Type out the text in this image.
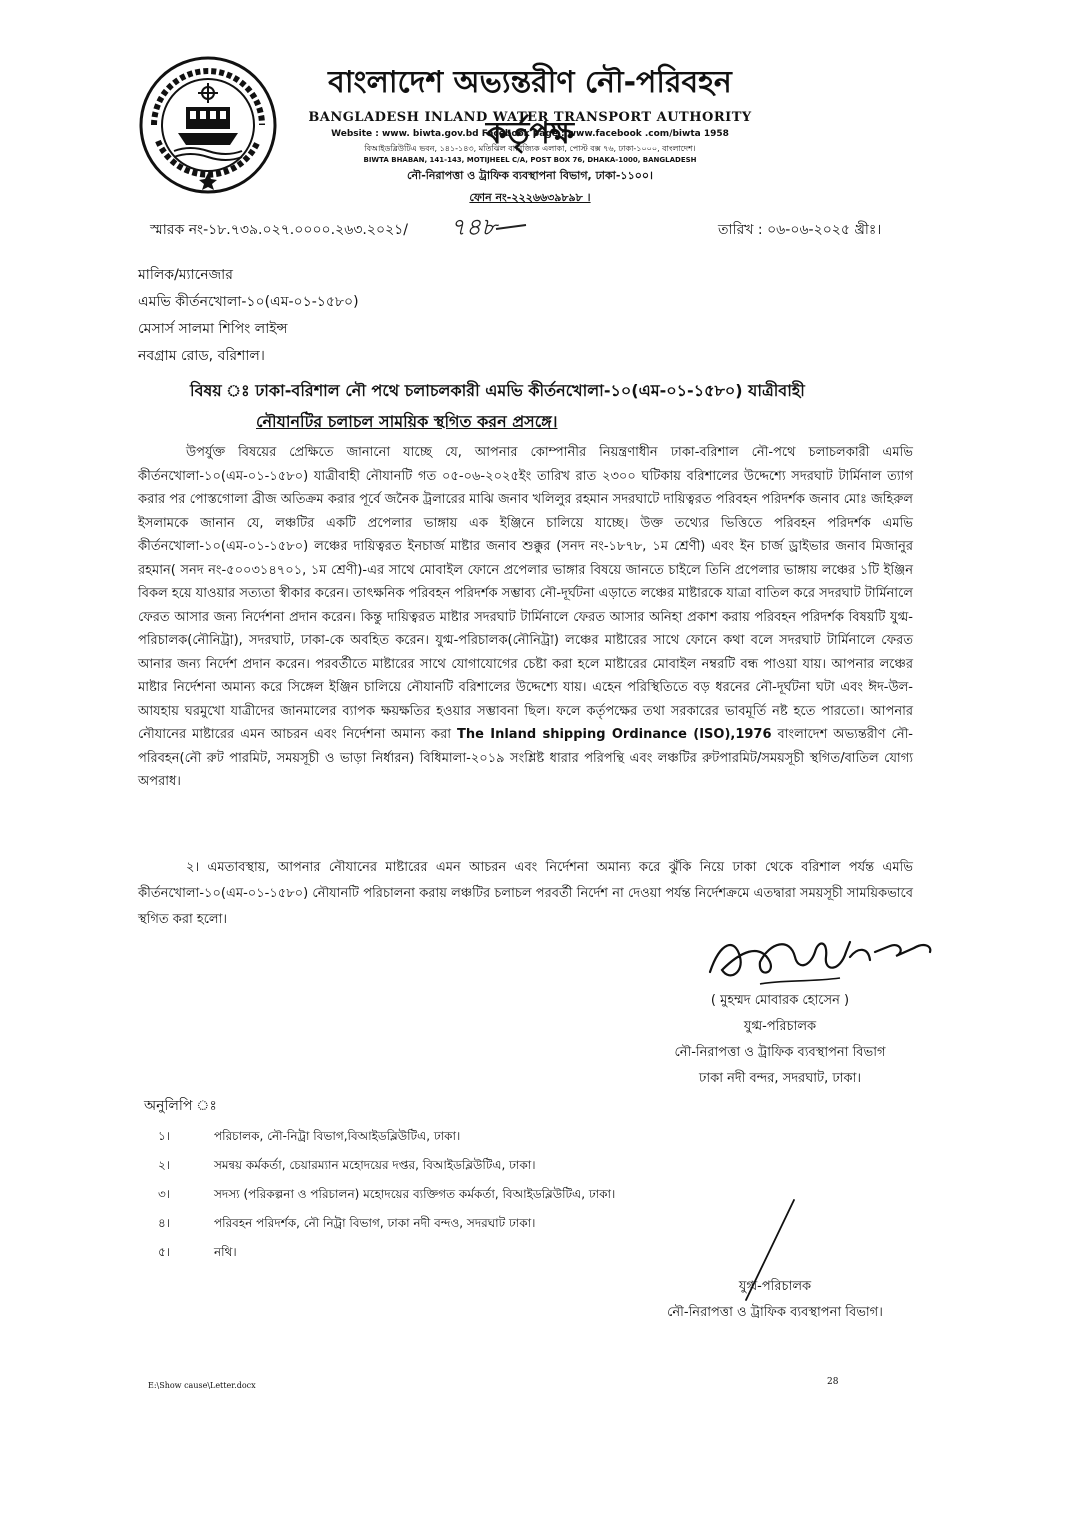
বাংলাদেশ অভ্যন্তরীণ নৌ-পরিবহন কর্তৃপক্ষ
BANGLADESH INLAND WATER TRANSPORT AUTHORITY
Website : www. biwta.gov.bd Facebook page : www.facebook .com/biwta 1958
বিআইডব্লিউটিএ ভবন, ১৪১-১৪৩, মতিঝিল বাণিজ্যিক এলাকা, পোস্ট বক্স ৭৬, ঢাকা-১০০০, বাংলাদেশ।
BIWTA BHABAN, 141-143, MOTIJHEEL C/A, POST BOX 76, DHAKA-1000, BANGLADESH
নৌ-নিরাপত্তা ও ট্রাফিক ব্যবস্থাপনা বিভাগ, ঢাকা-১১০০।
ফোন নং-২২২৬৬৩৯৮৯৮ ।
স্মারক নং-১৮.৭৩৯.০২৭.০০০০.২৬৩.২০২১/ ৭৪৮	তারিখ : ০৬-০৬-২০২৫ খ্রীঃ।
মালিক/ম্যানেজার
এমভি কীর্তনখোলা-১০(এম-০১-১৫৮০)
মেসার্স সালমা শিপিং লাইন্স
নবগ্রাম রোড, বরিশাল।
বিষয় ঃ ঢাকা-বরিশাল নৌ পথে চলাচলকারী এমভি কীর্তনখোলা-১০(এম-০১-১৫৮০) যাত্রীবাহী
নৌযানটির চলাচল সাময়িক স্থগিত করন প্রসঙ্গে।
উপর্যুক্ত বিষয়ের প্রেক্ষিতে জানানো যাচ্ছে যে, আপনার কোম্পানীর নিয়ন্ত্রণাধীন ঢাকা-বরিশাল নৌ-পথে চলাচলকারী এমভি কীর্তনখোলা-১০(এম-০১-১৫৮০) যাত্রীবাহী নৌযানটি গত ০৫-০৬-২০২৫ইং তারিখ রাত ২৩০০ ঘটিকায় বরিশালের উদ্দেশ্যে সদরঘাট টার্মিনাল ত্যাগ করার পর পোস্তগোলা ব্রীজ অতিক্রম করার পূর্বে জনৈক ট্রলারের মাঝি জনাব খলিলুর রহমান সদরঘাটে দায়িত্বরত পরিবহন পরিদর্শক জনাব মোঃ জহিরুল ইসলামকে জানান যে, লঞ্চটির একটি প্রপেলার ভাঙ্গায় এক ইঞ্জিনে চালিয়ে যাচ্ছে। উক্ত তথ্যের ভিত্তিতে পরিবহন পরিদর্শক এমভি কীর্তনখোলা-১০(এম-০১-১৫৮০) লঞ্চের দায়িত্বরত ইনচার্জ মাষ্টার জনাব শুক্কুর (সনদ নং-১৮৭৮, ১ম শ্রেণী) এবং ইন চার্জ ড্রাইভার জনাব মিজানুর রহমান( সনদ নং-৫০০৩১৪৭০১, ১ম শ্রেণী)-এর সাথে মোবাইল ফোনে প্রপেলার ভাঙ্গার বিষয়ে জানতে চাইলে তিনি প্রপেলার ভাঙ্গায় লঞ্চের ১টি ইঞ্জিন বিকল হয়ে যাওয়ার সত্যতা স্বীকার করেন। তাৎক্ষনিক পরিবহন পরিদর্শক সম্ভাব্য নৌ-দূর্ঘটনা এড়াতে লঞ্চের মাষ্টারকে যাত্রা বাতিল করে সদরঘাট টার্মিনালে ফেরত আসার জন্য নির্দেশনা প্রদান করেন। কিন্তু দায়িত্বরত মাষ্টার সদরঘাট টার্মিনালে ফেরত আসার অনিহা প্রকাশ করায় পরিবহন পরিদর্শক বিষয়টি যুগ্ম-পরিচালক(নৌনিট্রা), সদরঘাট, ঢাকা-কে অবহিত করেন। যুগ্ম-পরিচালক(নৌনিট্রা) লঞ্চের মাষ্টারের সাথে ফোনে কথা বলে সদরঘাট টার্মিনালে ফেরত আনার জন্য নির্দেশ প্রদান করেন। পরবর্তীতে মাষ্টারের সাথে যোগাযোগের চেষ্টা করা হলে মাষ্টারের মোবাইল নম্বরটি বন্ধ পাওয়া যায়। আপনার লঞ্চের মাষ্টার নির্দেশনা অমান্য করে সিঙ্গেল ইঞ্জিন চালিয়ে নৌযানটি বরিশালের উদ্দেশ্যে যায়। এহেন পরিস্থিতিতে বড় ধরনের নৌ-দূর্ঘটনা ঘটা এবং ঈদ-উল-আযহায় ঘরমুখো যাত্রীদের জানমালের ব্যাপক ক্ষয়ক্ষতির হওয়ার সম্ভাবনা ছিল। ফলে কর্তৃপক্ষের তথা সরকারের ভাবমূর্তি নষ্ট হতে পারতো। আপনার নৌযানের মাষ্টারের এমন আচরন এবং নির্দেশনা অমান্য করা The Inland shipping Ordinance (ISO),1976 বাংলাদেশ অভ্যন্তরীণ নৌ-পরিবহন(নৌ রুট পারমিট, সময়সূচী ও ভাড়া নির্ধারন) বিধিমালা-২০১৯ সংশ্লিষ্ট ধারার পরিপন্থি এবং লঞ্চটির রুটপারমিট/সময়সূচী স্থগিত/বাতিল যোগ্য অপরাধ।
২। এমতাবস্থায়, আপনার নৌযানের মাষ্টারের এমন আচরন এবং নির্দেশনা অমান্য করে ঝুঁকি নিয়ে ঢাকা থেকে বরিশাল পর্যন্ত এমভি কীর্তনখোলা-১০(এম-০১-১৫৮০) নৌযানটি পরিচালনা করায় লঞ্চটির চলাচল পরবর্তী নির্দেশ না দেওয়া পর্যন্ত নির্দেশক্রমে এতদ্বারা সময়সূচী সাময়িকভাবে স্থগিত করা হলো।
( মুহম্মদ মোবারক হোসেন )
যুগ্ম-পরিচালক
নৌ-নিরাপত্তা ও ট্রাফিক ব্যবস্থাপনা বিভাগ
ঢাকা নদী বন্দর, সদরঘাট, ঢাকা।
অনুলিপি ঃ
১।	পরিচালক, নৌ-নিট্রা বিভাগ,বিআইডব্লিউটিএ, ঢাকা।
২।	সমন্বয় কর্মকর্তা, চেয়ারম্যান মহোদয়ের দপ্তর, বিআইডব্লিউটিএ, ঢাকা।
৩।	সদস্য (পরিকল্পনা ও পরিচালন) মহোদয়ের ব্যক্তিগত কর্মকর্তা, বিআইডব্লিউটিএ, ঢাকা।
৪।	পরিবহন পরিদর্শক, নৌ নিট্রা বিভাগ, ঢাকা নদী বন্দও, সদরঘাট ঢাকা।
৫।	নথি।
যুগ্ম-পরিচালক
নৌ-নিরাপত্তা ও ট্রাফিক ব্যবস্থাপনা বিভাগ।
E:\Show cause\Letter.docx	28
